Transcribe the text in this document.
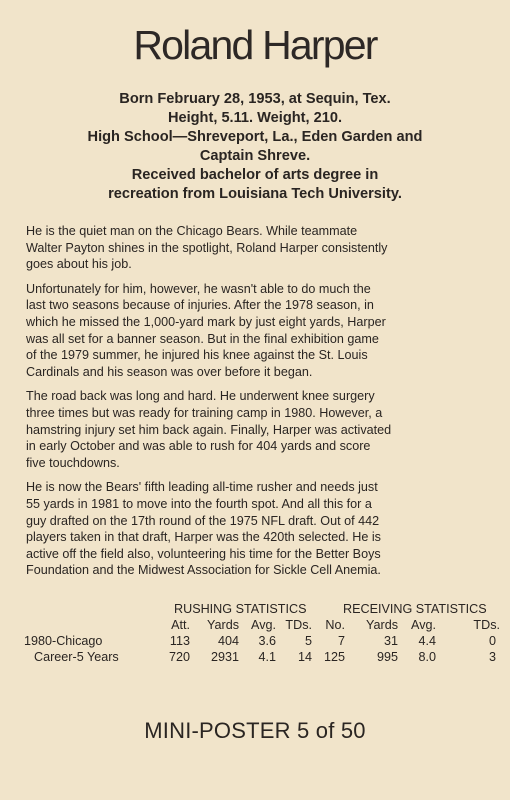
Roland Harper
Born February 28, 1953, at Sequin, Tex.
Height, 5.11. Weight, 210.
High School—Shreveport, La., Eden Garden and
Captain Shreve.
Received bachelor of arts degree in
recreation from Louisiana Tech University.

He is the quiet man on the Chicago Bears. While teammate
Walter Payton shines in the spotlight, Roland Harper consistently
goes about his job.

Unfortunately for him, however, he wasn't able to do much the
last two seasons because of injuries. After the 1978 season, in
which he missed the 1,000-yard mark by just eight yards, Harper
was all set for a banner season. But in the final exhibition game
of the 1979 summer, he injured his knee against the St. Louis
Cardinals and his season was over before it began.

The road back was long and hard. He underwent knee surgery
three times but was ready for training camp in 1980. However, a
hamstring injury set him back again. Finally, Harper was activated
in early October and was able to rush for 404 yards and score
five touchdowns.

He is now the Bears' fifth leading all-time rusher and needs just
55 yards in 1981 to move into the fourth spot. And all this for a
guy drafted on the 17th round of the 1975 NFL draft. Out of 442
players taken in that draft, Harper was the 420th selected. He is
active off the field also, volunteering his time for the Better Boys
Foundation and the Midwest Association for Sickle Cell Anemia.

RUSHING STATISTICS	RECEIVING STATISTICS
Att. Yards Avg. TDs. No. Yards Avg.	TDs.
1980-Chicago	113 404 3.6 5 7	31 4.4	0
Career-5 Years	720 2931 4.1 14 125	995 8.0	3
MINI-POSTER 5 of 50
